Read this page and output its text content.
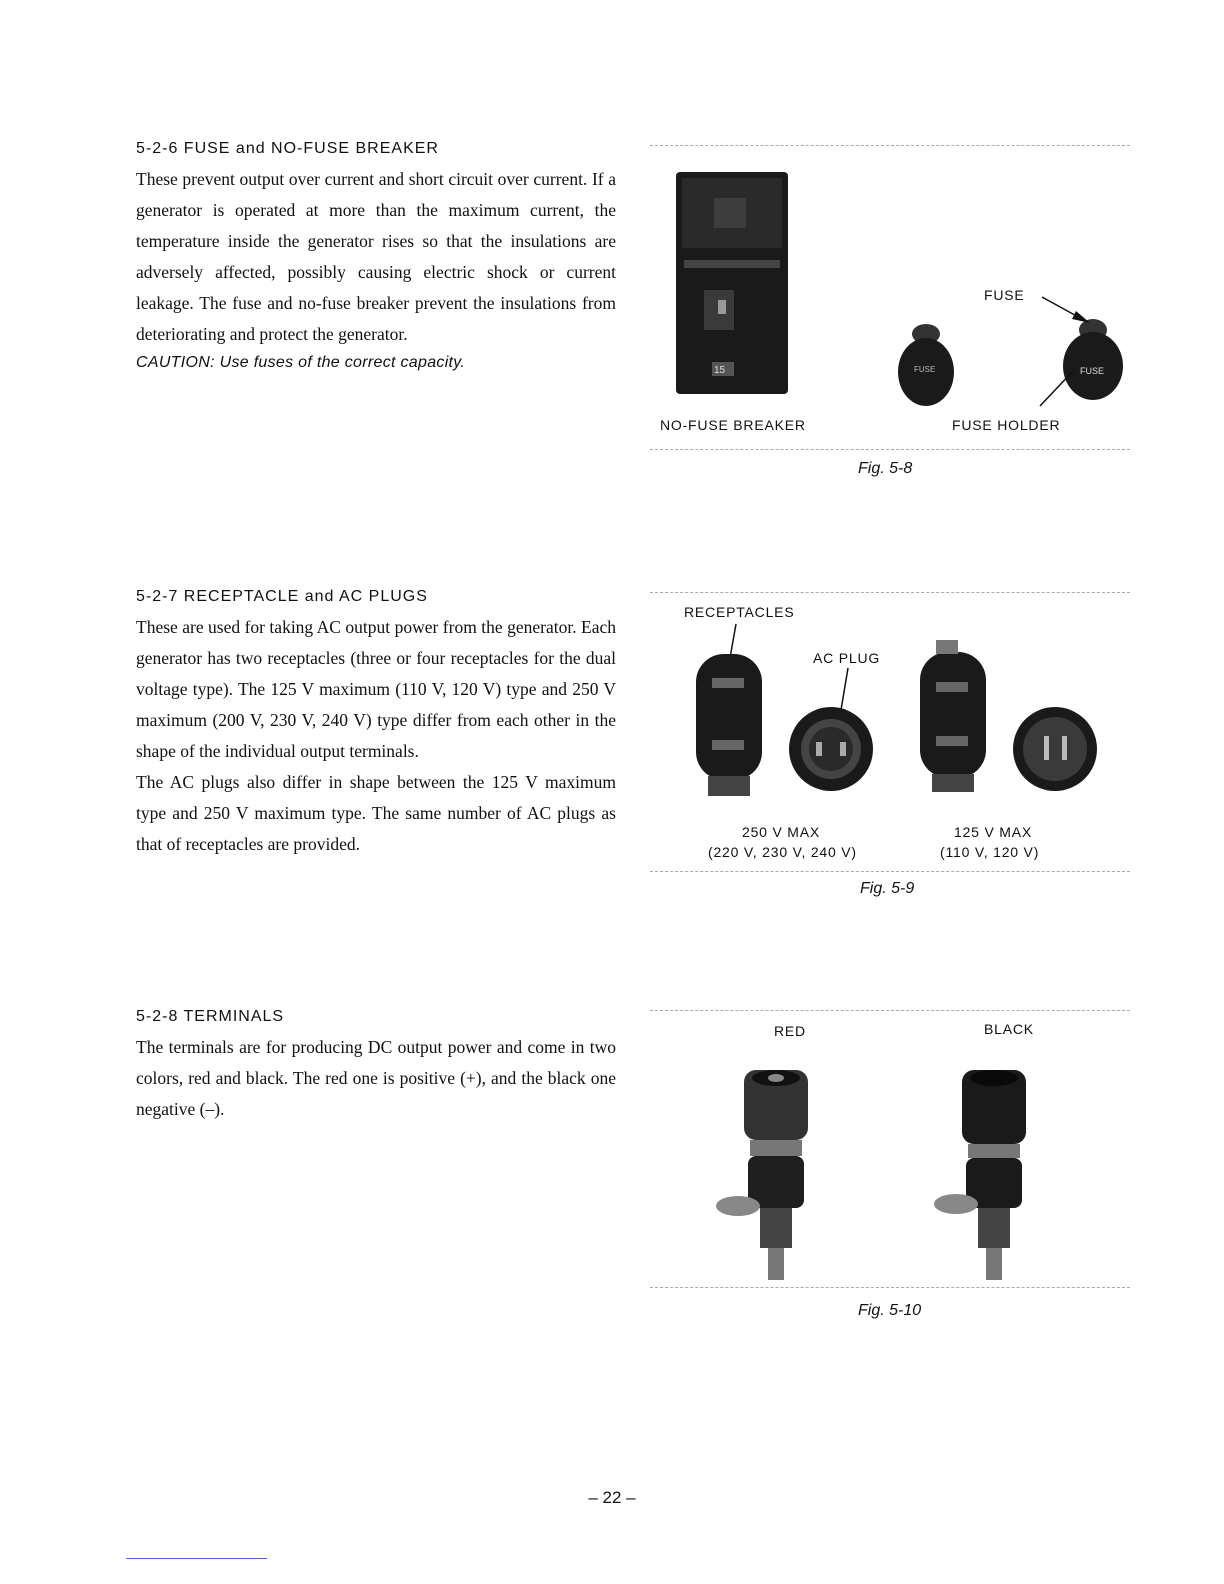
5-2-6 FUSE and NO-FUSE BREAKER

These prevent output over current and short circuit over current. If a generator is operated at more than the maximum current, the temperature inside the generator rises so that the insulations are adversely affected, possibly causing electric shock or current leakage. The fuse and no-fuse breaker prevent the insulations from deteriorating and protect the generator.

CAUTION: Use fuses of the correct capacity.	15	FUSE	FUSE
FUSE
NO-FUSE BREAKER	FUSE HOLDER
Fig. 5-8
5-2-7 RECEPTACLE and AC PLUGS

These are used for taking AC output power from the generator. Each generator has two receptacles (three or four receptacles for the dual voltage type). The 125 V maximum (110 V, 120 V) type and 250 V maximum (200 V, 230 V, 240 V) type differ from each other in the shape of the individual output terminals.

The AC plugs also differ in shape between the 125 V maximum type and 250 V maximum type. The same number of AC plugs as that of receptacles are provided.

RECEPTACLES
AC PLUG
250 V MAX
(220 V, 230 V, 240 V)
125 V MAX
(110 V, 120 V)
Fig. 5-9
5-2-8 TERMINALS

The terminals are for producing DC output power and come in two colors, red and black. The red one is positive (+), and the black one negative (–).

RED	BLACK
Fig. 5-10
– 22 –
